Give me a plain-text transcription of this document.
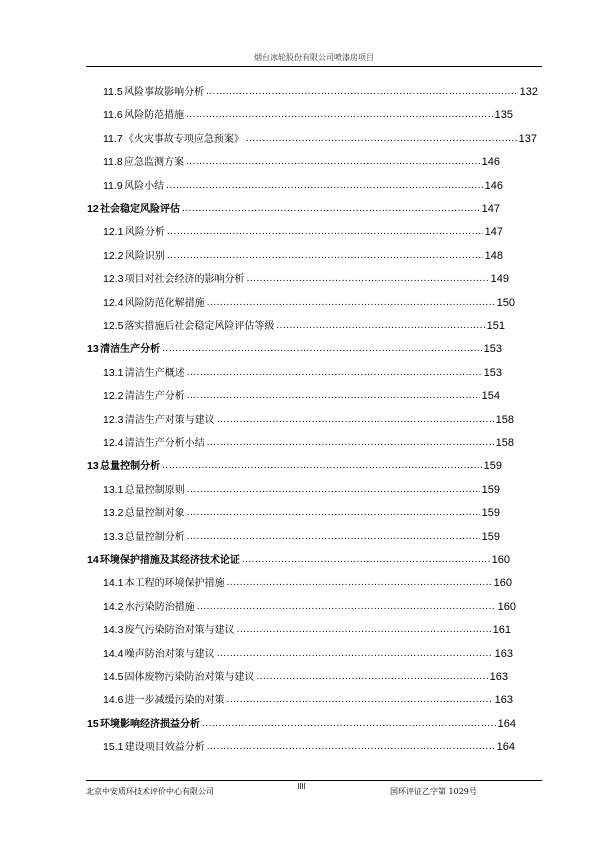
烟台冰轮股份有限公司喷漆房项目
11.5 风险事故影响分析 .....	132
11.6 风险防范措施 .....	135
11.7 《火灾事故专项应急预案》 .....	137
11.8 应急监测方案 .....	146
11.9 风险小结 .....	146
12 社会稳定风险评估 .....	147
12.1 风险分析 .....	147
12.2 风险识别 .....	148
12.3 项目对社会经济的影响分析 .....	149
12.4 风险防范化解措施 .....	150
12.5 落实措施后社会稳定风险评估等级 .....	151
13 清洁生产分析 .....	153
13.1 清洁生产概述 .....	153
12.2 清洁生产分析 .....	154
12.3 清洁生产对策与建议 .....	158
12.4 清洁生产分析小结 .....	158
13 总量控制分析 .....	159
13.1 总量控制原则 .....	159
13.2 总量控制对象 .....	159
13.3 总量控制分析 .....	159
14 环境保护措施及其经济技术论证 .....	160
14.1 本工程的环境保护措施 .....	160
14.2 水污染防治措施 .....	160
14.3 废气污染防治对策与建议 .....	161
14.4 噪声防治对策与建议 .....	163
14.5 固体废物污染防治对策与建议 .....	163
14.6 进一步减缓污染的对策 .....	163
15 环境影响经济损益分析 .....	164
15.1 建设项目效益分析 .....	164
北京中安质环技术评价中心有限公司	国环评证乙字第 1029号
